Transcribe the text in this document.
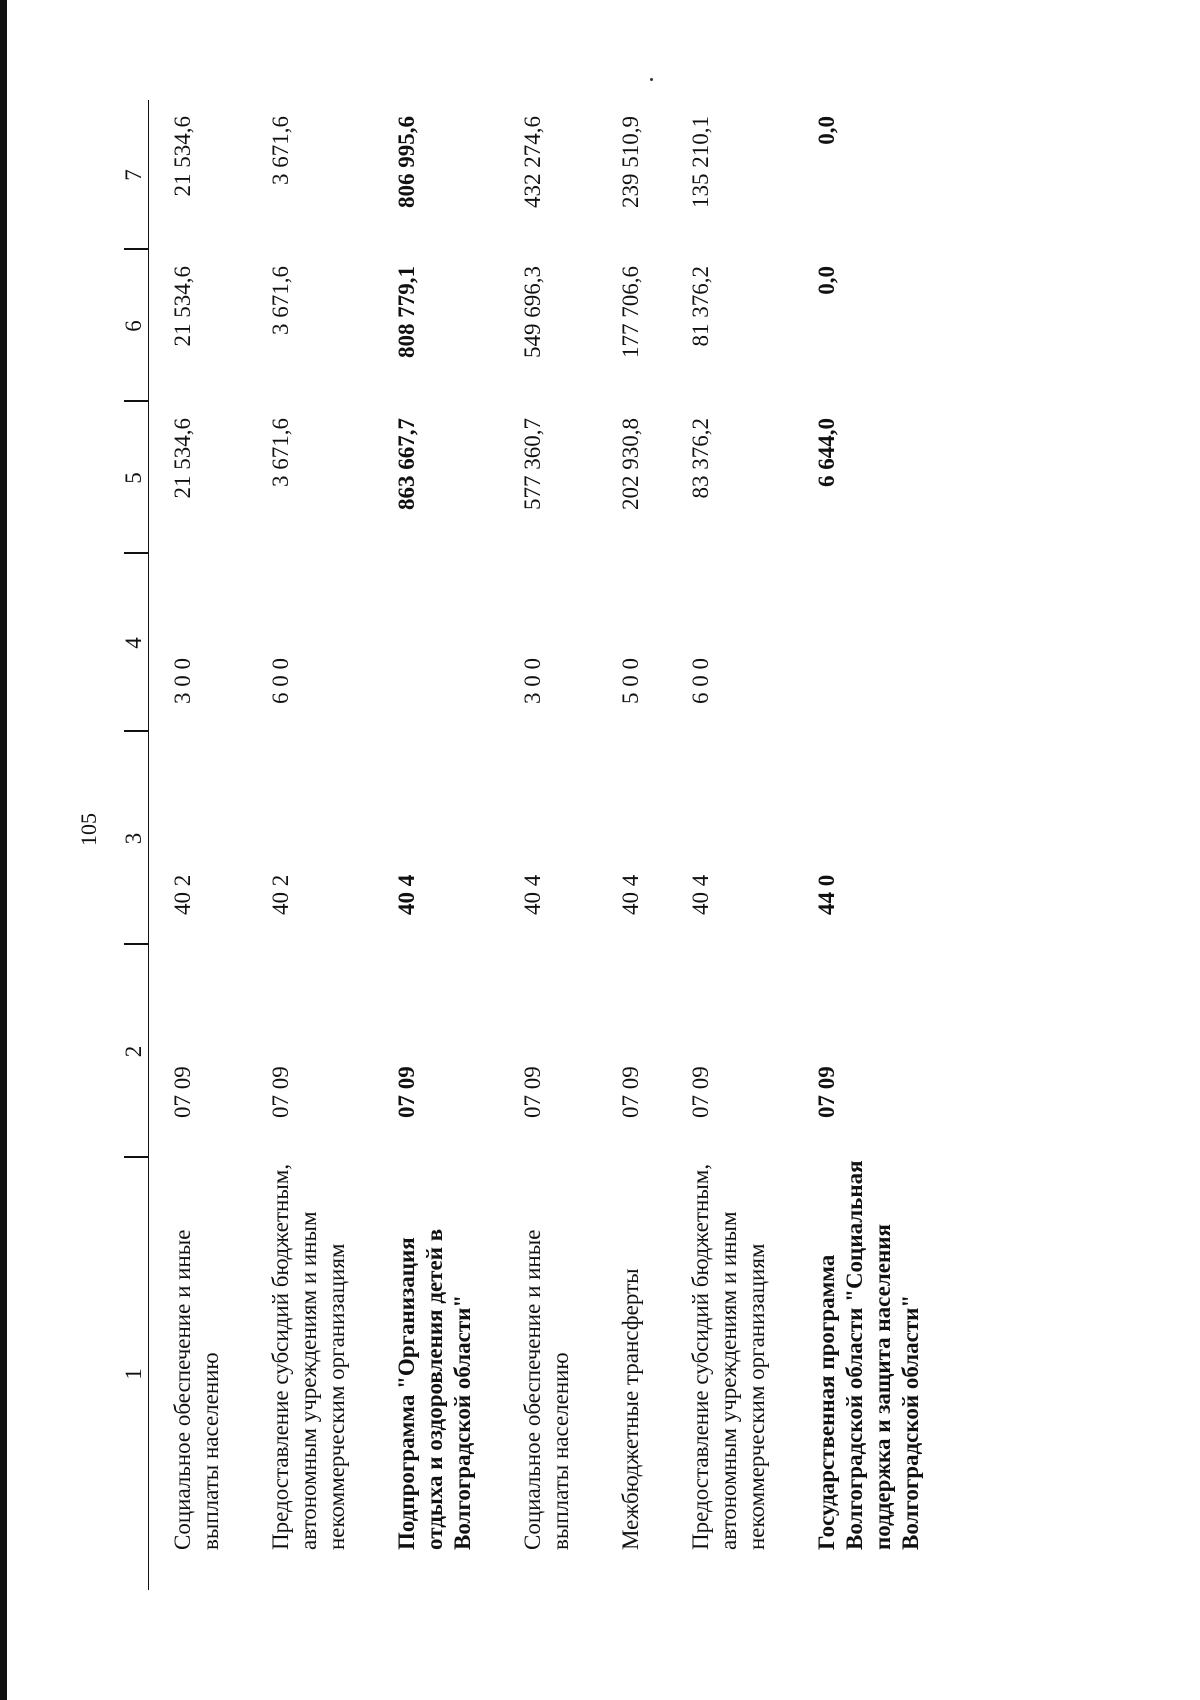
105
1	2	3	4	5	6	7
Социальное обеспечение и иные выплаты населению	07 09	40 2	3 0 0	21 534,6	21 534,6	21 534,6
Предоставление субсидий бюджетным, автономным учреждениям и иным некоммерческим организациям	07 09	40 2	6 0 0	3 671,6	3 671,6	3 671,6
Подпрограмма "Организация отдыха и оздоровления детей в Волгоградской области"	07 09	40 4		863 667,7	808 779,1	806 995,6
Социальное обеспечение и иные выплаты населению	07 09	40 4	3 0 0	577 360,7	549 696,3	432 274,6
Межбюджетные трансферты	07 09	40 4	5 0 0	202 930,8	177 706,6	239 510,9
Предоставление субсидий бюджетным, автономным учреждениям и иным некоммерческим организациям	07 09	40 4	6 0 0	83 376,2	81 376,2	135 210,1
Государственная программа Волгоградской области "Социальная поддержка и защита населения Волгоградской области"	07 09	44 0		6 644,0	0,0	0,0
